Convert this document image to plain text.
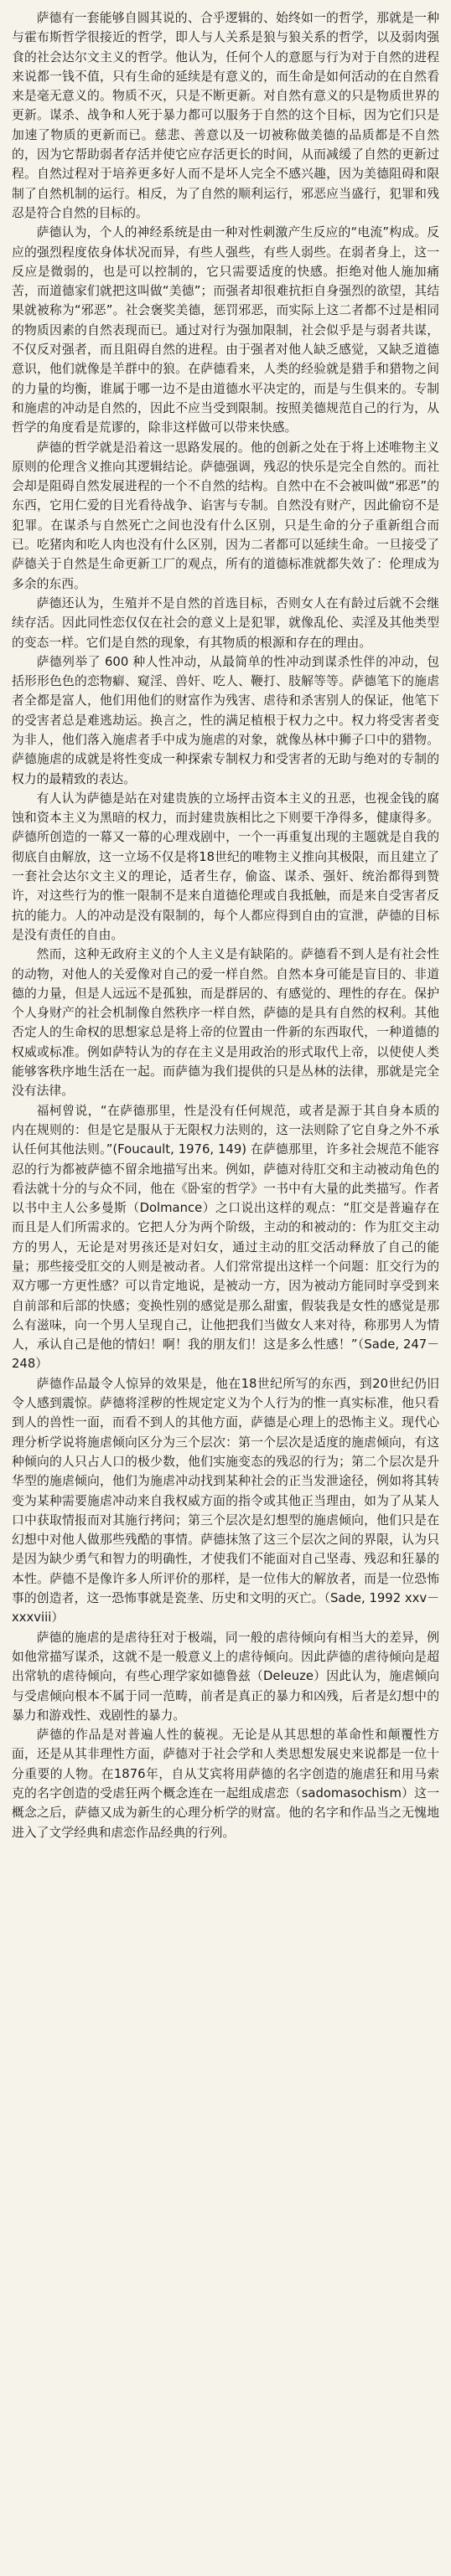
萨德有一套能够自圆其说的、合乎逻辑的、始终如一的哲学，那就是一种与霍布斯哲学很接近的哲学，即人与人关系是狼与狼关系的哲学，以及弱肉强食的社会达尔文主义的哲学。他认为，任何个人的意愿与行为对于自然的进程来说都一钱不值，只有生命的延续是有意义的，而生命是如何活动的在自然看来是毫无意义的。物质不灭，只是不断更新。对自然有意义的只是物质世界的更新。谋杀、战争和人死于暴力都可以服务于自然的这个目标，因为它们只是加速了物质的更新而已。慈悲、善意以及一切被称做美德的品质都是不自然的，因为它帮助弱者存活并使它应存活更长的时间，从而减缓了自然的更新过程。自然过程对于培养更多好人而不是坏人完全不感兴趣，因为美德阻碍和限制了自然机制的运行。相反，为了自然的顺利运行，邪恶应当盛行，犯罪和残忍是符合自然的目标的。

萨德认为，个人的神经系统是由一种对性刺激产生反应的“电流”构成。反应的强烈程度依身体状况而异，有些人强些，有些人弱些。在弱者身上，这一反应是微弱的，也是可以控制的，它只需要适度的快感。拒绝对他人施加痛苦，而道德家们就把这叫做“美德”；而强者却很难抗拒自身强烈的欲望，其结果就被称为“邪恶”。社会褒奖美德，惩罚邪恶，而实际上这二者都不过是相同的物质因素的自然表现而已。通过对行为强加限制，社会似乎是与弱者共谋，不仅反对强者，而且阻碍自然的进程。由于强者对他人缺乏感觉，又缺乏道德意识，他们就像是羊群中的狼。在萨德看来，人类的经验就是猎手和猎物之间的力量的均衡，谁属于哪一边不是由道德水平决定的，而是与生俱来的。专制和施虐的冲动是自然的，因此不应当受到限制。按照美德规范自己的行为，从哲学的角度看是荒谬的，除非这样做可以带来快感。

萨德的哲学就是沿着这一思路发展的。他的创新之处在于将上述唯物主义原则的伦理含义推向其逻辑结论。萨德强调，残忍的快乐是完全自然的。而社会却是阻碍自然发展进程的一个不自然的结构。自然中在不会被叫做“邪恶”的东西，它用仁爱的目光看待战争、谄害与专制。自然没有财产，因此偷窃不是犯罪。在谋杀与自然死亡之间也没有什么区别，只是生命的分子重新组合而已。吃猪肉和吃人肉也没有什么区别，因为二者都可以延续生命。一旦接受了萨德关于自然是生命更新工厂的观点，所有的道德标准就都失效了：伦理成为多余的东西。

萨德还认为，生殖并不是自然的首选目标，否则女人在有龄过后就不会继续存活。因此同性恋仅仅在社会的意义上是犯罪，就像乱伦、卖淫及其他类型的变态一样。它们是自然的现象，有其物质的根源和存在的理由。

萨德列举了 600 种人性冲动，从最简单的性冲动到谋杀性伴的冲动，包括形形色色的恋物癖、窥淫、兽奸、吃人、鞭打、肢解等等。萨德笔下的施虐者全都是富人，他们用他们的财富作为残害、虐待和杀害别人的保证，他笔下的受害者总是难逃劫运。换言之，性的满足植根于权力之中。权力将受害者变为非人，他们落入施虐者手中成为施虐的对象，就像丛林中狮子口中的猎物。萨德施虐的成就是将性变成一种探索专制权力和受害者的无助与绝对的专制的权力的最精致的表达。

有人认为萨德是站在对建贵族的立场抨击资本主义的丑恶，也视金钱的腐蚀和资本主义为黑暗的权力，而封建贵族相比之下则要干净得多，健康得多。萨德所创造的一幕又一幕的心理戏剧中，一个一再重复出现的主题就是自我的彻底自由解放，这一立场不仅是将18世纪的唯物主义推向其极限，而且建立了一套社会达尔文主义的理论，适者生存，偷盗、谋杀、强奸、统治都得到赞许，对这些行为的惟一限制不是来自道德伦理或自我抵触，而是来自受害者反抗的能力。人的冲动是没有限制的，每个人都应得到自由的宣泄，萨德的目标是没有责任的自由。

然而，这种无政府主义的个人主义是有缺陷的。萨德看不到人是有社会性的动物，对他人的关爱像对自己的爱一样自然。自然本身可能是盲目的、非道德的力量，但是人远远不是孤独，而是群居的、有感觉的、理性的存在。保护个人身财产的社会机制像自然秩序一样自然，萨德的是具有自然的权利。其他否定人的生命权的思想家总是将上帝的位置由一件新的东西取代，一种道德的权威或标准。例如萨特认为的存在主义是用政治的形式取代上帝，以使使人类能够客秩序地生活在一起。而萨德为我们提供的只是丛林的法律，那就是完全没有法律。

福柯曾说，“在萨德那里，性是没有任何规范，或者是源于其自身本质的内在规则的：但是它是服从于无限权力法则的，这一法则除了它自身之外不承认任何其他法则。”(Foucault, 1976, 149) 在萨德那里，许多社会规范不能容忍的行为都被萨德不留余地描写出来。例如，萨德对待肛交和主动被动角色的看法就十分的与众不同，他在《卧室的哲学》一书中有大量的此类描写。作者以书中主人公多曼斯（Dolmance）之口说出这样的观点：“肛交是普遍存在而且是人们所需求的。它把人分为两个阶级，主动的和被动的：作为肛交主动方的男人，无论是对男孩还是对妇女，通过主动的肛交活动释放了自己的能量；那些接受肛交的人则是被动者。人们常常提出这样一个问题：肛交行为的双方哪一方更性感？可以肯定地说，是被动一方，因为被动方能同时享受到来自前部和后部的快感；变换性别的感觉是那么甜蜜，假装我是女性的感觉是那么有滋味，向一个男人呈现自己，让他把我们当做女人来对待，称那男人为情人，承认自己是他的情妇！啊！我的朋友们！这是多么性感！”（Sade, 247－248）

萨德作品最令人惊异的效果是，他在18世纪所写的东西，到20世纪仍旧令人感到震惊。萨德将淫秽的性规定定义为个人行为的惟一真实标准，他只看到人的兽性一面，而看不到人的其他方面，萨德是心理上的恐怖主义。现代心理分析学说将施虐倾向区分为三个层次：第一个层次是适度的施虐倾向，有这种倾向的人只占人口的极少数，他们实施变态的残忍的行为；第二个层次是升华型的施虐倾向，他们为施虐冲动找到某种社会的正当发泄途径，例如将其转变为某种需要施虐冲动来自我权威方面的指令或其他正当理由，如为了从某人口中获取情报而对其施行拷问；第三个层次是幻想型的施虐倾向，他们只是在幻想中对他人做那些残酷的事情。萨德抹煞了这三个层次之间的界限，认为只是因为缺少勇气和智力的明确性，才使我们不能面对自己坚毒、残忍和狂暴的本性。萨德不是像许多人所评价的那样，是一位伟大的解放者，而是一位恐怖事的创造者，这一恐怖事就是瓷垄、历史和文明的灭亡。（Sade, 1992 xxv－xxxviii）

萨德的施虐的是虐待狂对于极端，同一般的虐待倾向有相当大的差异，例如他常描写谋杀，这就不是一般意义上的虐待倾向。因此萨德的虐待倾向是超出常轨的虐待倾向，有些心理学家如德鲁兹（Deleuze）因此认为，施虐倾向与受虐倾向根本不属于同一范畴，前者是真正的暴力和凶残，后者是幻想中的暴力和游戏性、戏剧性的暴力。

萨德的作品是对普遍人性的藐视。无论是从其思想的革命性和颠覆性方面，还是从其非理性方面，萨德对于社会学和人类思想发展史来说都是一位十分重要的人物。在1876年，自从艾宾将用萨德的名字创造的施虐狂和用马索克的名字创造的受虐狂两个概念连在一起组成虐恋（sadomasochism）这一概念之后，萨德又成为新生的心理分析学的财富。他的名字和作品当之无愧地进入了文学经典和虐恋作品经典的行列。
